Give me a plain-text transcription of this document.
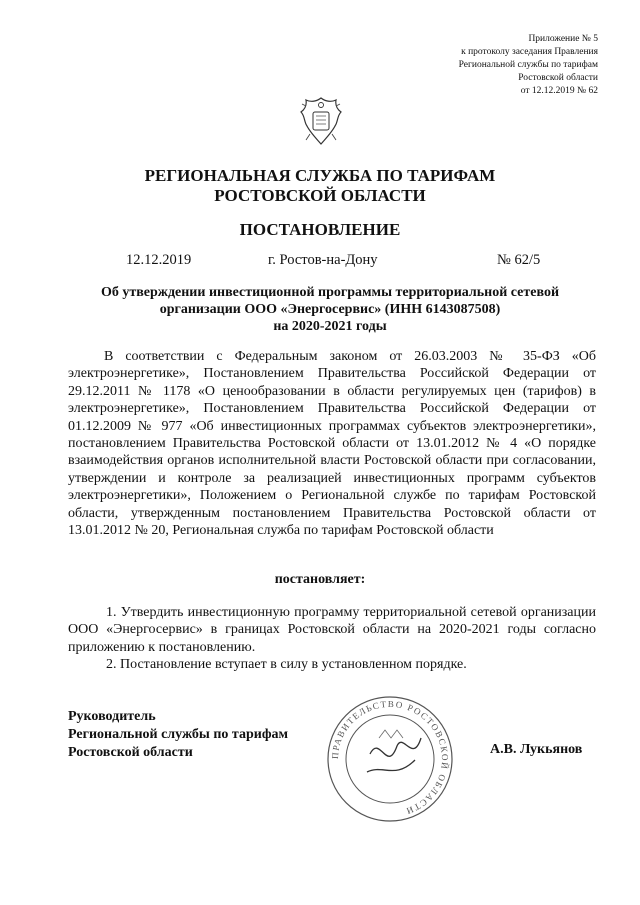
Приложение № 5
к протоколу заседания Правления
Региональной службы по тарифам
Ростовской области
от 12.12.2019 № 62
РЕГИОНАЛЬНАЯ СЛУЖБА ПО ТАРИФАМ
РОСТОВСКОЙ ОБЛАСТИ
ПОСТАНОВЛЕНИЕ
12.12.2019	г. Ростов-на-Дону	№ 62/5
Об утверждении инвестиционной программы территориальной сетевой
организации ООО «Энергосервис» (ИНН 6143087508)
на 2020-2021 годы

В соответствии с Федеральным законом от 26.03.2003 № 35-ФЗ «Об электроэнергетике», Постановлением Правительства Российской Федерации от 29.12.2011 № 1178 «О ценообразовании в области регулируемых цен (тарифов) в электроэнергетике», Постановлением Правительства Российской Федерации от 01.12.2009 № 977 «Об инвестиционных программах субъектов электроэнергетики», постановлением Правительства Ростовской области от 13.01.2012 № 4 «О порядке взаимодействия органов исполнительной власти Ростовской области при согласовании, утверждении и контроле за реализацией инвестиционных программ субъектов электроэнергетики», Положением о Региональной службе по тарифам Ростовской области, утвержденным постановлением Правительства Ростовской области от 13.01.2012 № 20, Региональная служба по тарифам Ростовской области

постановляет:

1. Утвердить инвестиционную программу территориальной сетевой организации ООО «Энергосервис» в границах Ростовской области на 2020-2021 годы согласно приложению к постановлению.

2. Постановление вступает в силу в установленном порядке.

Руководитель
Региональной службы по тарифам
Ростовской области	ПРАВИТЕЛЬСТВО РОСТОВСКОЙ ОБЛАСТИ
А.В. Лукьянов
